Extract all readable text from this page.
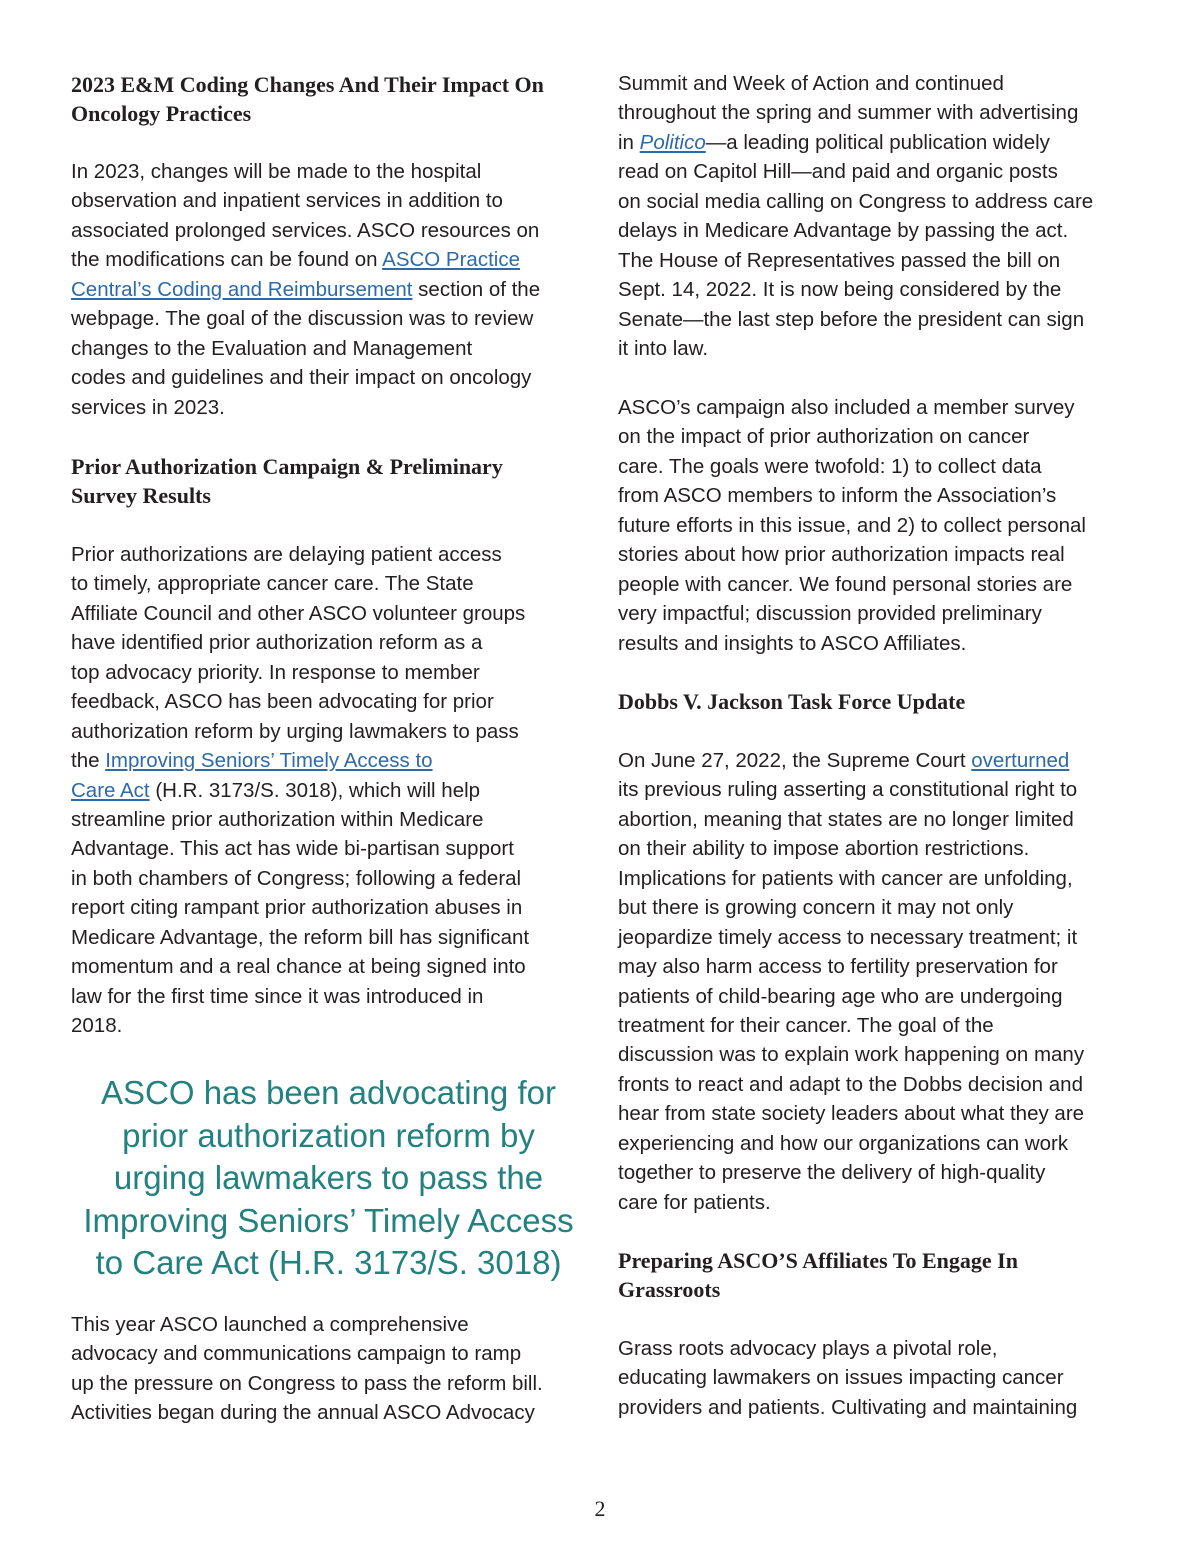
2023 E&M Coding Changes And Their Impact On
Oncology Practices
In 2023, changes will be made to the hospital
observation and inpatient services in addition to
associated prolonged services. ASCO resources on
the modifications can be found on ASCO Practice
Central’s Coding and Reimbursement section of the
webpage. The goal of the discussion was to review
changes to the Evaluation and Management
codes and guidelines and their impact on oncology
services in 2023.
Prior Authorization Campaign & Preliminary
Survey Results
Prior authorizations are delaying patient access
to timely, appropriate cancer care. The State
Affiliate Council and other ASCO volunteer groups
have identified prior authorization reform as a
top advocacy priority. In response to member
feedback, ASCO has been advocating for prior
authorization reform by urging lawmakers to pass
the Improving Seniors’ Timely Access to
Care Act (H.R. 3173/S. 3018), which will help
streamline prior authorization within Medicare
Advantage. This act has wide bi-partisan support
in both chambers of Congress; following a federal
report citing rampant prior authorization abuses in
Medicare Advantage, the reform bill has significant
momentum and a real chance at being signed into
law for the first time since it was introduced in
2018.
ASCO has been advocating for
prior authorization reform by
urging lawmakers to pass the
Improving Seniors’ Timely Access
to Care Act (H.R. 3173/S. 3018)
This year ASCO launched a comprehensive
advocacy and communications campaign to ramp
up the pressure on Congress to pass the reform bill.
Activities began during the annual ASCO Advocacy
Summit and Week of Action and continued
throughout the spring and summer with advertising
in Politico—a leading political publication widely
read on Capitol Hill—and paid and organic posts
on social media calling on Congress to address care
delays in Medicare Advantage by passing the act.
The House of Representatives passed the bill on
Sept. 14, 2022. It is now being considered by the
Senate—the last step before the president can sign
it into law.
ASCO’s campaign also included a member survey
on the impact of prior authorization on cancer
care. The goals were twofold: 1) to collect data
from ASCO members to inform the Association’s
future efforts in this issue, and 2) to collect personal
stories about how prior authorization impacts real
people with cancer. We found personal stories are
very impactful; discussion provided preliminary
results and insights to ASCO Affiliates.
Dobbs V. Jackson Task Force Update
On June 27, 2022, the Supreme Court overturned
its previous ruling asserting a constitutional right to
abortion, meaning that states are no longer limited
on their ability to impose abortion restrictions.
Implications for patients with cancer are unfolding,
but there is growing concern it may not only
jeopardize timely access to necessary treatment; it
may also harm access to fertility preservation for
patients of child-bearing age who are undergoing
treatment for their cancer. The goal of the
discussion was to explain work happening on many
fronts to react and adapt to the Dobbs decision and
hear from state society leaders about what they are
experiencing and how our organizations can work
together to preserve the delivery of high-quality
care for patients.
Preparing ASCO’S Affiliates To Engage In
Grassroots
Grass roots advocacy plays a pivotal role,
educating lawmakers on issues impacting cancer
providers and patients. Cultivating and maintaining
2
